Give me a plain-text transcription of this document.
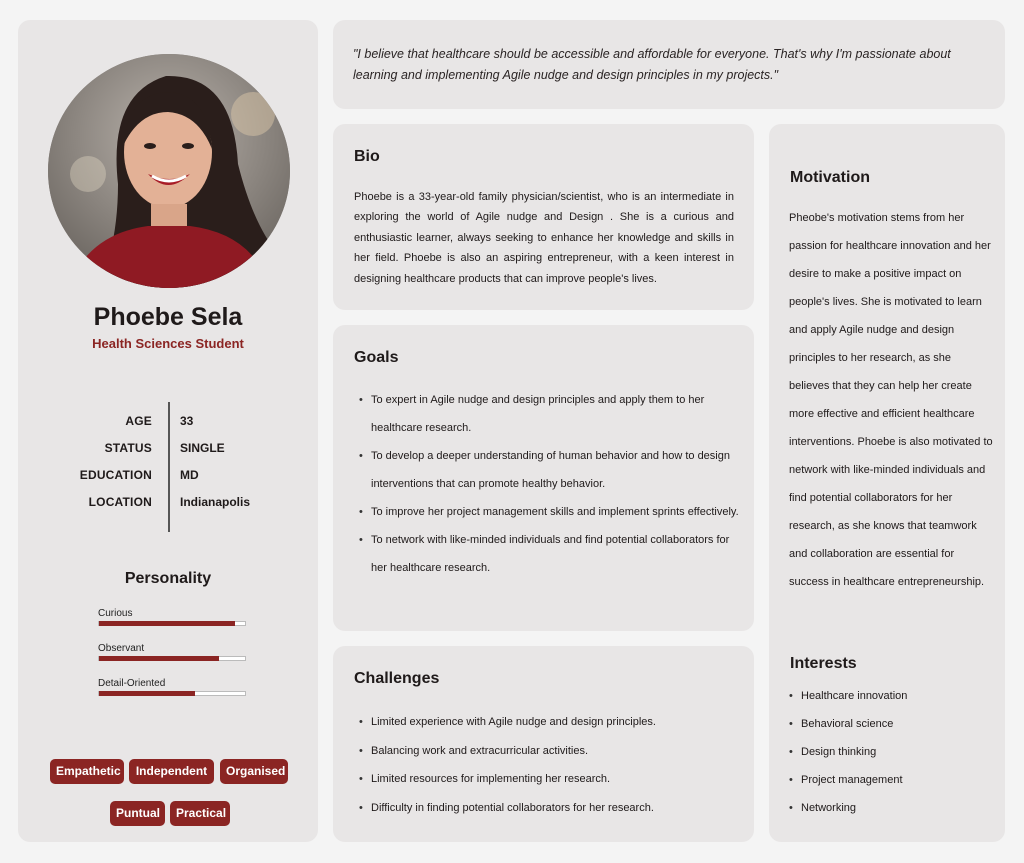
Phoebe Sela
Health Sciences Student
AGE 33
STATUS SINGLE
EDUCATION MD
LOCATION Indianapolis
Personality
Curious
Observant
Detail-Oriented
Empathetic	Independent	Organised
Puntual	Practical
"I believe that healthcare should be accessible and affordable for everyone. That's why I'm passionate about learning and implementing Agile nudge and design principles in my projects."
Bio
Phoebe is a 33-year-old family physician/scientist, who is an intermediate in exploring the world of Agile nudge and Design . She is a curious and enthusiastic learner, always seeking to enhance her knowledge and skills in her field. Phoebe is also an aspiring entrepreneur, with a keen interest in designing healthcare products that can improve people's lives.
Goals
• To expert in Agile nudge and design principles and apply them to her healthcare research.
• To develop a deeper understanding of human behavior and how to design interventions that can promote healthy behavior.
• To improve her project management skills and implement sprints effectively.
• To network with like-minded individuals and find potential collaborators for her healthcare research.
Challenges
• Limited experience with Agile nudge and design principles.
• Balancing work and extracurricular activities.
• Limited resources for implementing her research.
• Difficulty in finding potential collaborators for her research.
Motivation
Pheobe's motivation stems from her passion for healthcare innovation and her desire to make a positive impact on people's lives. She is motivated to learn and apply Agile nudge and design principles to her research, as she believes that they can help her create more effective and efficient healthcare interventions. Phoebe is also motivated to network with like-minded individuals and find potential collaborators for her research, as she knows that teamwork and collaboration are essential for success in healthcare entrepreneurship.
Interests
• Healthcare innovation
• Behavioral science
• Design thinking
• Project management
• Networking
